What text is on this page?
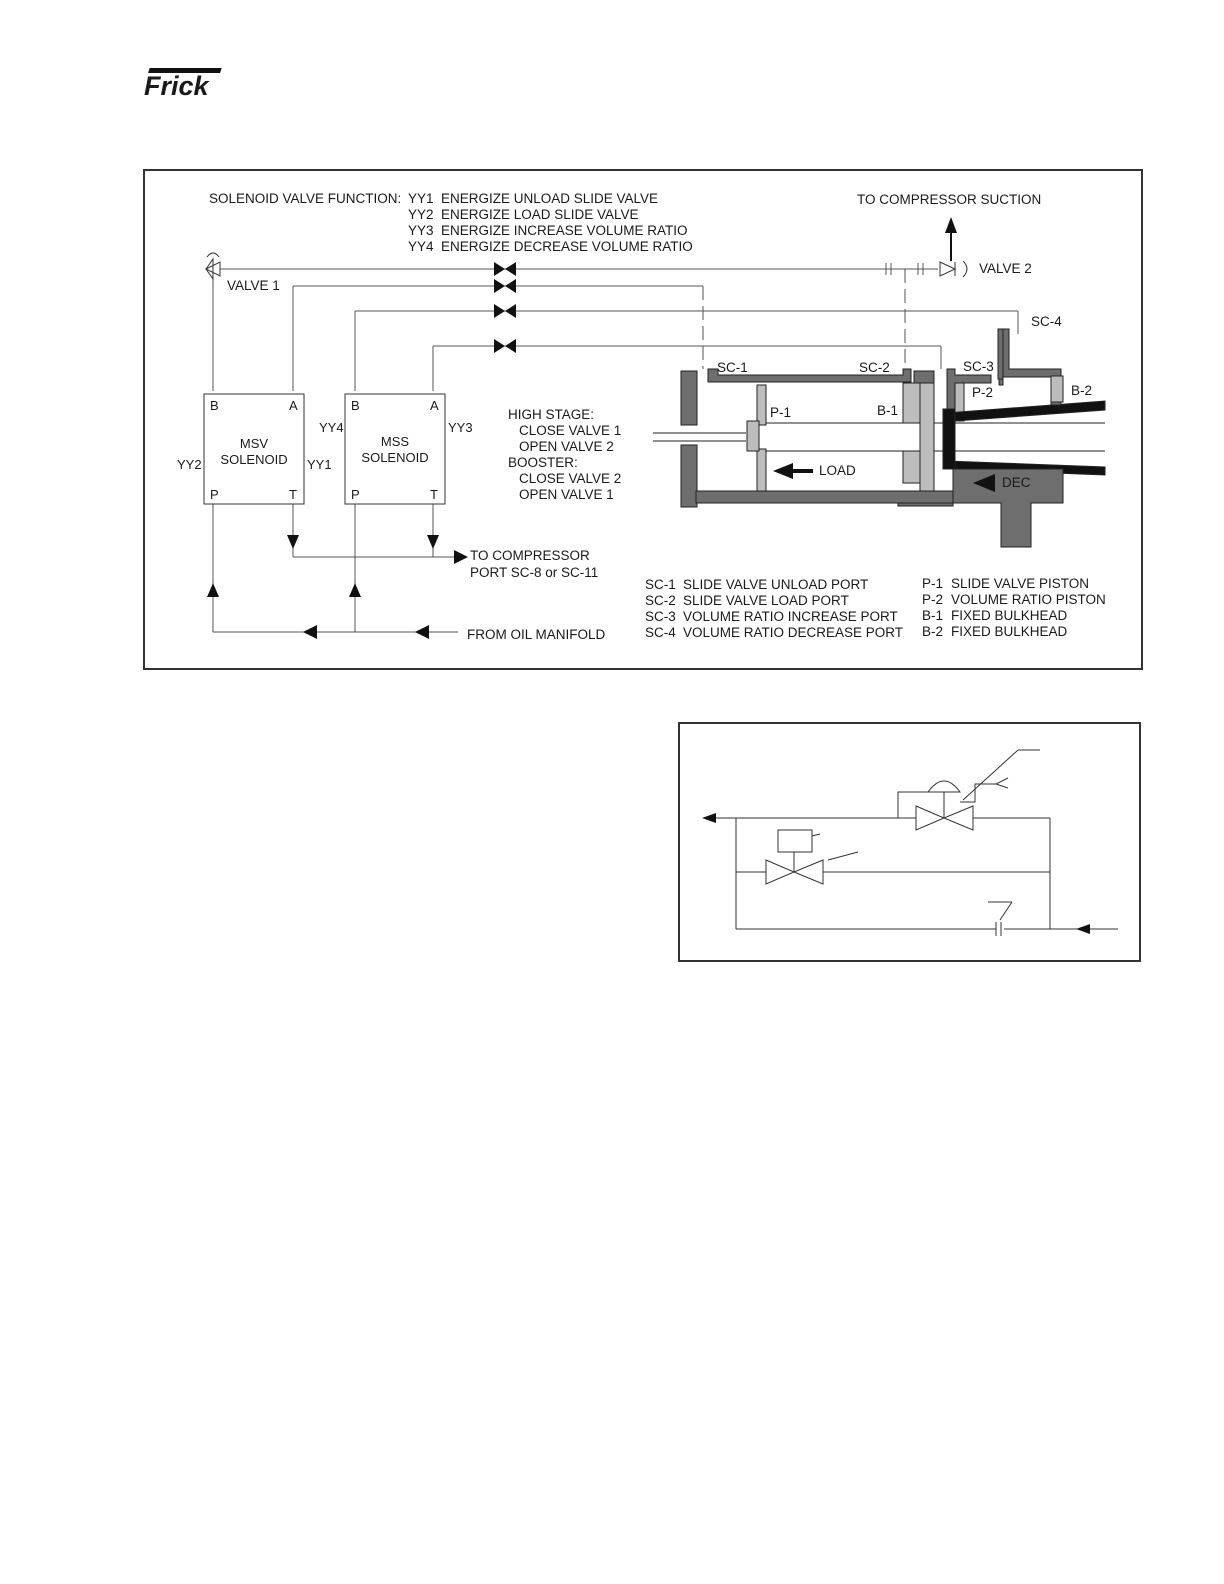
Frick
SOLENOID VALVE FUNCTION: YY1 ENERGIZE UNLOAD SLIDE VALVE
YY2 ENERGIZE LOAD SLIDE VALVE
YY3 ENERGIZE INCREASE VOLUME RATIO
YY4 ENERGIZE DECREASE VOLUME RATIO
TO COMPRESSOR SUCTION
VALVE 1
VALVE 2
B	A
MSV
SOLENOID
P	T
YY2	YY1
B	A
MSS
SOLENOID
P	T
YY4	YY3
TO COMPRESSOR
PORT SC-8 or SC-11
FROM OIL MANIFOLD
HIGH STAGE:
CLOSE VALVE 1
OPEN VALVE 2
BOOSTER:
CLOSE VALVE 2
OPEN VALVE 1
LOAD
DEC
SC-1	SC-2	SC-3
SC-4
P-1
P-2
B-1
B-2
SC-1 SLIDE VALVE UNLOAD PORT
SC-2 SLIDE VALVE LOAD PORT
SC-3 VOLUME RATIO INCREASE PORT
SC-4 VOLUME RATIO DECREASE PORT
P-1 SLIDE VALVE PISTON
P-2 VOLUME RATIO PISTON
B-1 FIXED BULKHEAD
B-2 FIXED BULKHEAD
